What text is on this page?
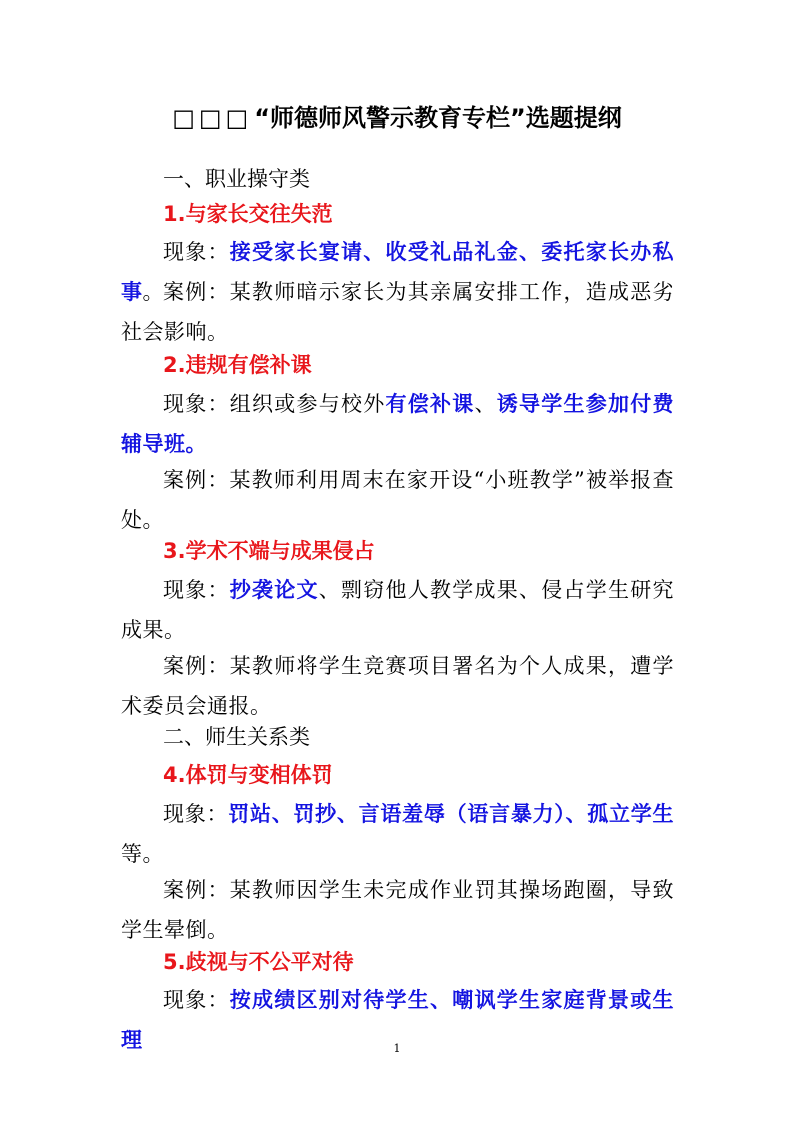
□□□“师德师风警示教育专栏”选题提纲
一、职业操守类
1.与家长交往失范
现象：接受家长宴请、收受礼品礼金、委托家长办私事。 案例：某教师暗示家长为其亲属安排工作，造成恶劣社会影响。
2.违规有偿补课
现象：组织或参与校外有偿补课、诱导学生参加付费辅导班。
案例：某教师利用周末在家开设“小班教学”被举报查处。
3.学术不端与成果侵占
现象：抄袭论文、剽窃他人教学成果、侵占学生研究成果。
案例：某教师将学生竞赛项目署名为个人成果，遭学术委员会通报。
二、师生关系类
4.体罚与变相体罚
现象：罚站、罚抄、言语羞辱（语言暴力）、孤立学生等。
案例：某教师因学生未完成作业罚其操场跑圈，导致学生晕倒。
5.歧视与不公平对待
现象：按成绩区别对待学生、嘲讽学生家庭背景或生理	1
